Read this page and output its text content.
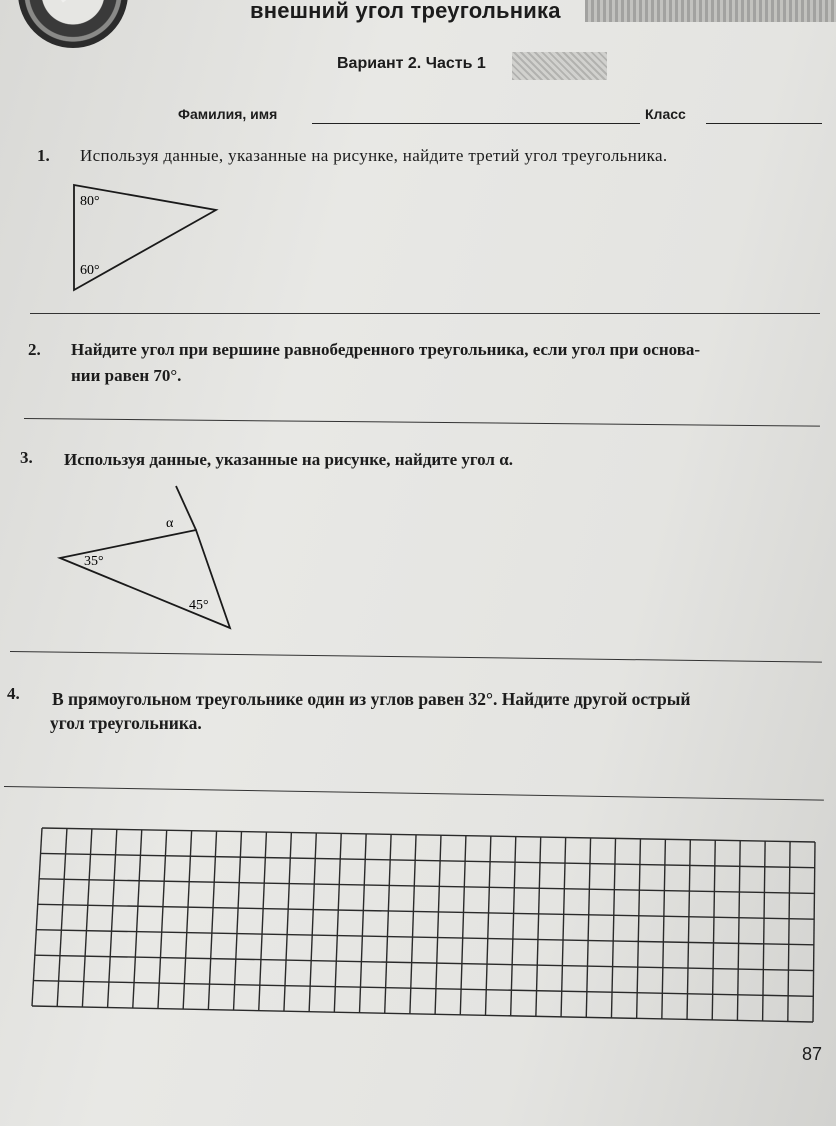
внешний угол треугольника
Вариант 2. Часть 1
Фамилия, имя	Класс
1. Используя данные, указанные на рисунке, найдите третий угол треугольника.
80°
60°
2. Найдите угол при вершине равнобедренного треугольника, если угол при основа-
нии равен 70°.
3. Используя данные, указанные на рисунке, найдите угол α.
α
35°
45°
4. В прямоугольном треугольнике один из углов равен 32°. Найдите другой острый
угол треугольника.
87
